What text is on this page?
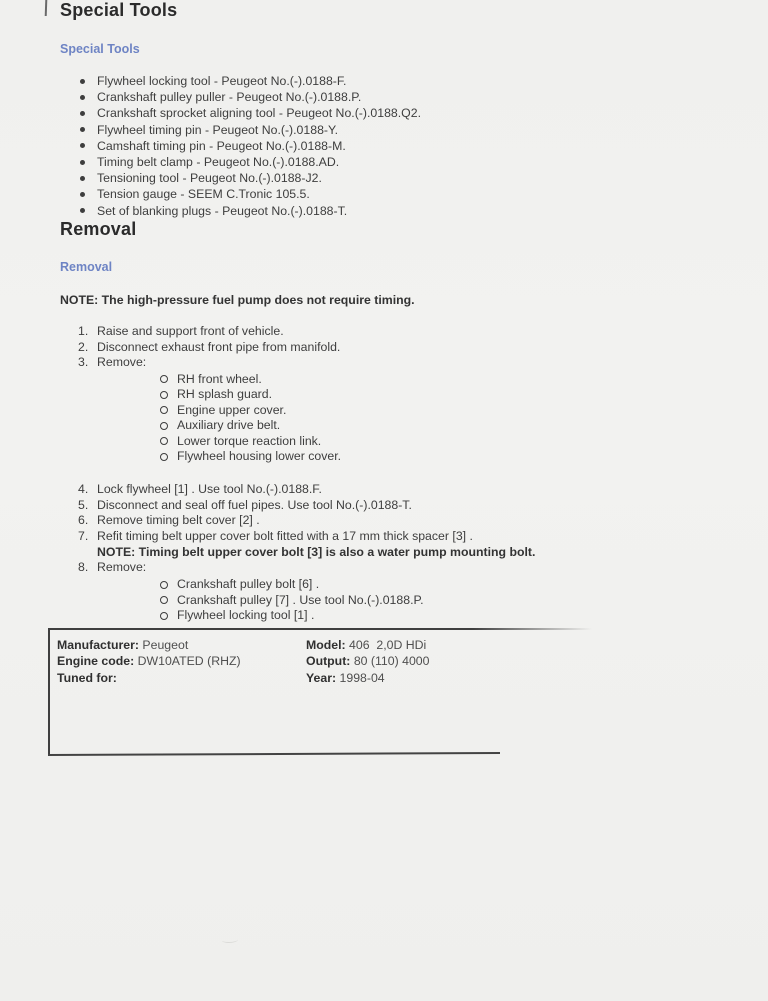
Special Tools
Special Tools
Flywheel locking tool - Peugeot No.(-).0188-F.
Crankshaft pulley puller - Peugeot No.(-).0188.P.
Crankshaft sprocket aligning tool - Peugeot No.(-).0188.Q2.
Flywheel timing pin - Peugeot No.(-).0188-Y.
Camshaft timing pin - Peugeot No.(-).0188-M.
Timing belt clamp - Peugeot No.(-).0188.AD.
Tensioning tool - Peugeot No.(-).0188-J2.
Tension gauge - SEEM C.Tronic 105.5.
Set of blanking plugs - Peugeot No.(-).0188-T.
Removal
Removal
NOTE: The high-pressure fuel pump does not require timing.
1. Raise and support front of vehicle.
2. Disconnect exhaust front pipe from manifold.
3. Remove:
RH front wheel.
RH splash guard.
Engine upper cover.
Auxiliary drive belt.
Lower torque reaction link.
Flywheel housing lower cover.
4. Lock flywheel [1] . Use tool No.(-).0188.F.
5. Disconnect and seal off fuel pipes. Use tool No.(-).0188-T.
6. Remove timing belt cover [2] .
7. Refit timing belt upper cover bolt fitted with a 17 mm thick spacer [3] .
NOTE: Timing belt upper cover bolt [3] is also a water pump mounting bolt.
8. Remove:
Crankshaft pulley bolt [6] .
Crankshaft pulley [7] . Use tool No.(-).0188.P.
Flywheel locking tool [1] .
Manufacturer: Peugeot	Model: 406  2,0D HDi
Engine code: DW10ATED (RHZ)	Output: 80 (110) 4000
Tuned for:	Year: 1998-04
